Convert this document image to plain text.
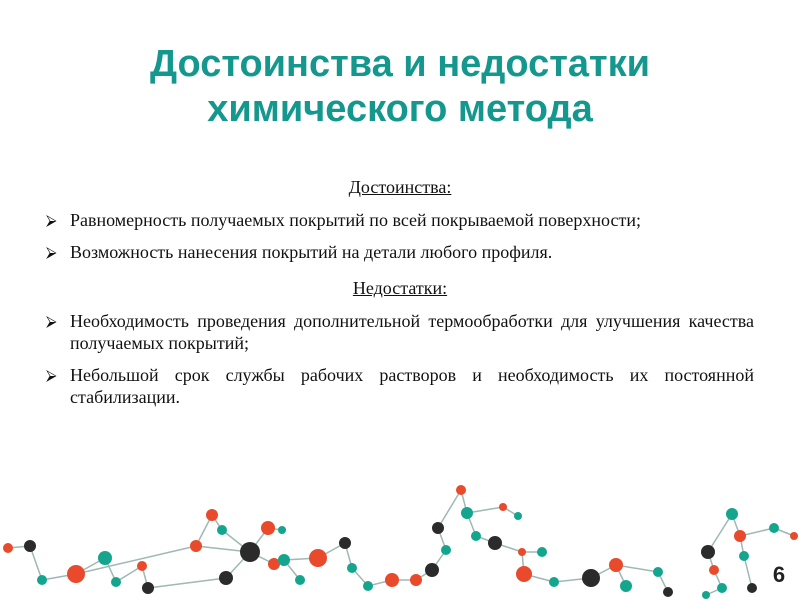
Достоинства и недостатки
химического метода
Достоинства:
⮚ Равномерность получаемых покрытий по всей покрываемой поверхности;
⮚ Возможность нанесения покрытий на детали любого профиля.
Недостатки:
⮚ Необходимость проведения дополнительной термообработки для улучшения качества получаемых покрытий;
⮚ Небольшой срок службы рабочих растворов и необходимость их постоянной стабилизации.
6
